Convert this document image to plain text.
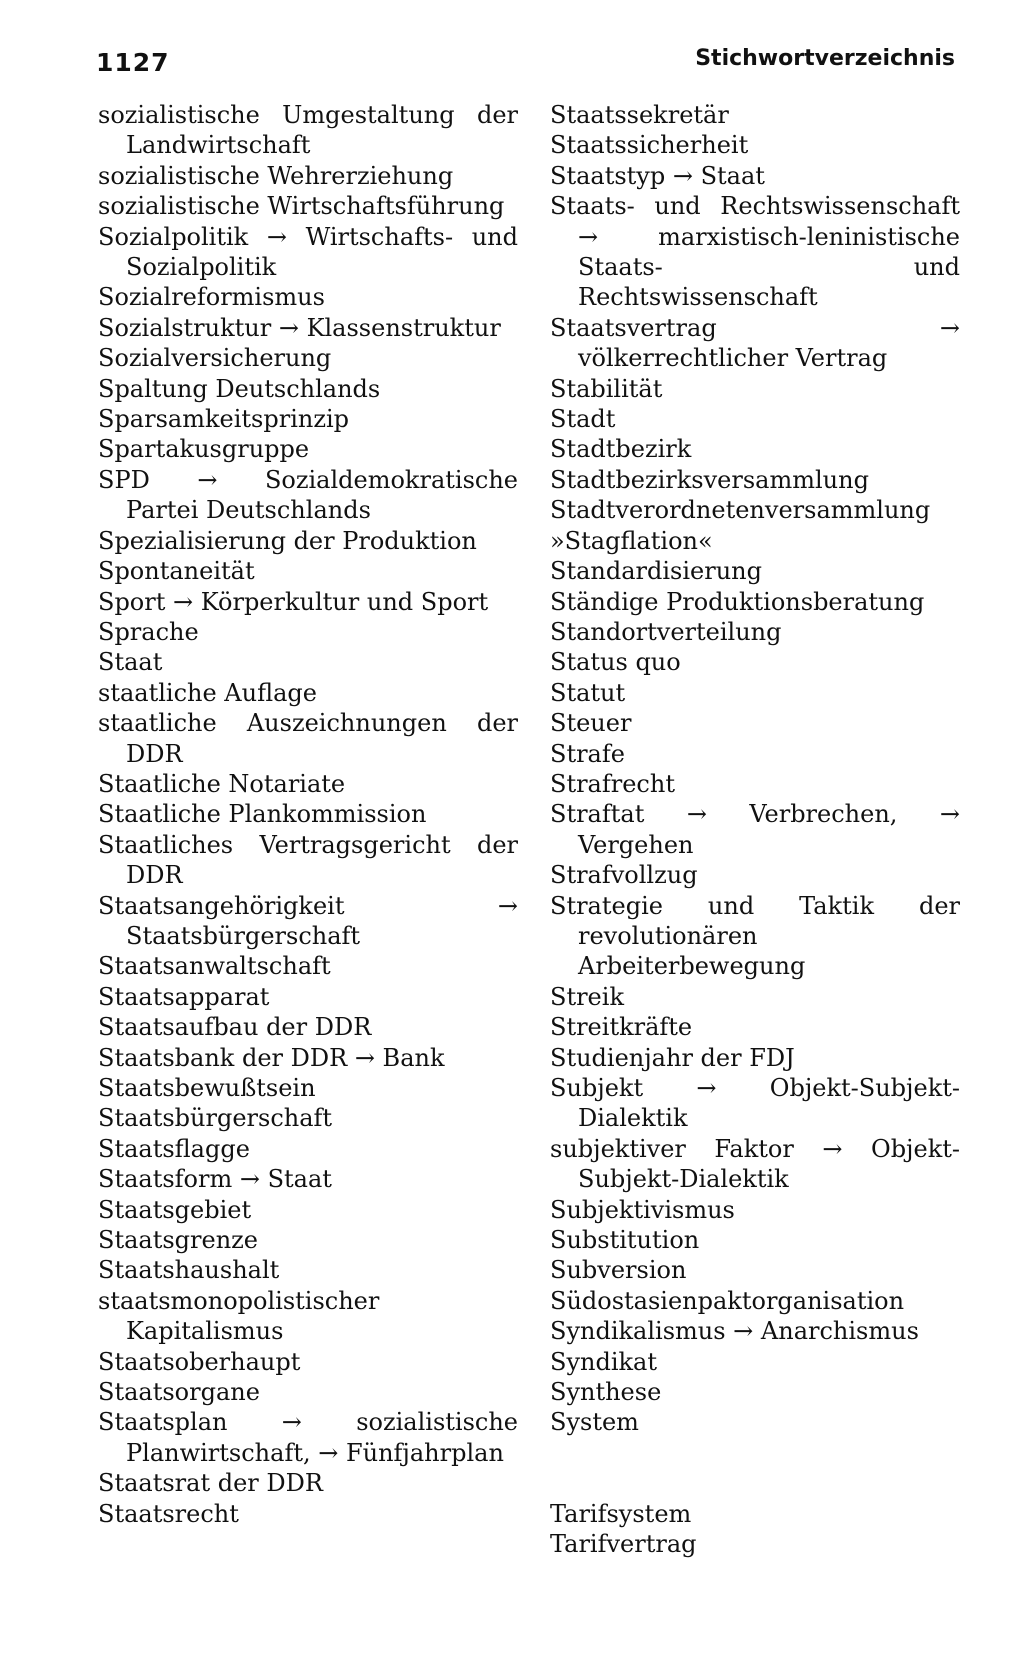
1127	Stichwortverzeichnis
sozialistische Umgestaltung der Landwirtschaft
sozialistische Wehrerziehung
sozialistische Wirtschaftsführung
Sozialpolitik → Wirtschafts- und Sozialpolitik
Sozialreformismus
Sozialstruktur → Klassenstruktur
Sozialversicherung
Spaltung Deutschlands
Sparsamkeitsprinzip
Spartakusgruppe
SPD → Sozialdemokratische Partei Deutschlands
Spezialisierung der Produktion
Spontaneität
Sport → Körperkultur und Sport
Sprache
Staat
staatliche Auflage
staatliche Auszeichnungen der DDR
Staatliche Notariate
Staatliche Plankommission
Staatliches Vertragsgericht der DDR
Staatsangehörigkeit → Staatsbürgerschaft
Staatsanwaltschaft
Staatsapparat
Staatsaufbau der DDR
Staatsbank der DDR → Bank
Staatsbewußtsein
Staatsbürgerschaft
Staatsflagge
Staatsform → Staat
Staatsgebiet
Staatsgrenze
Staatshaushalt
staatsmonopolistischer Kapitalismus
Staatsoberhaupt
Staatsorgane
Staatsplan → sozialistische Planwirtschaft, → Fünfjahrplan
Staatsrat der DDR
Staatsrecht
Staatssekretär
Staatssicherheit
Staatstyp → Staat
Staats- und Rechtswissenschaft → marxistisch-leninistische Staats- und Rechtswissenschaft
Staatsvertrag → völkerrechtlicher Vertrag
Stabilität
Stadt
Stadtbezirk
Stadtbezirksversammlung
Stadtverordnetenversammlung
»Stagflation«
Standardisierung
Ständige Produktionsberatung
Standortverteilung
Status quo
Statut
Steuer
Strafe
Strafrecht
Straftat → Verbrechen, → Vergehen
Strafvollzug
Strategie und Taktik der revolutionären Arbeiterbewegung
Streik
Streitkräfte
Studienjahr der FDJ
Subjekt → Objekt-Subjekt-Dialektik
subjektiver Faktor → Objekt-Subjekt-Dialektik
Subjektivismus
Substitution
Subversion
Südostasienpaktorganisation
Syndikalismus → Anarchismus
Syndikat
Synthese
System
Tarifsystem
Tarifvertrag
